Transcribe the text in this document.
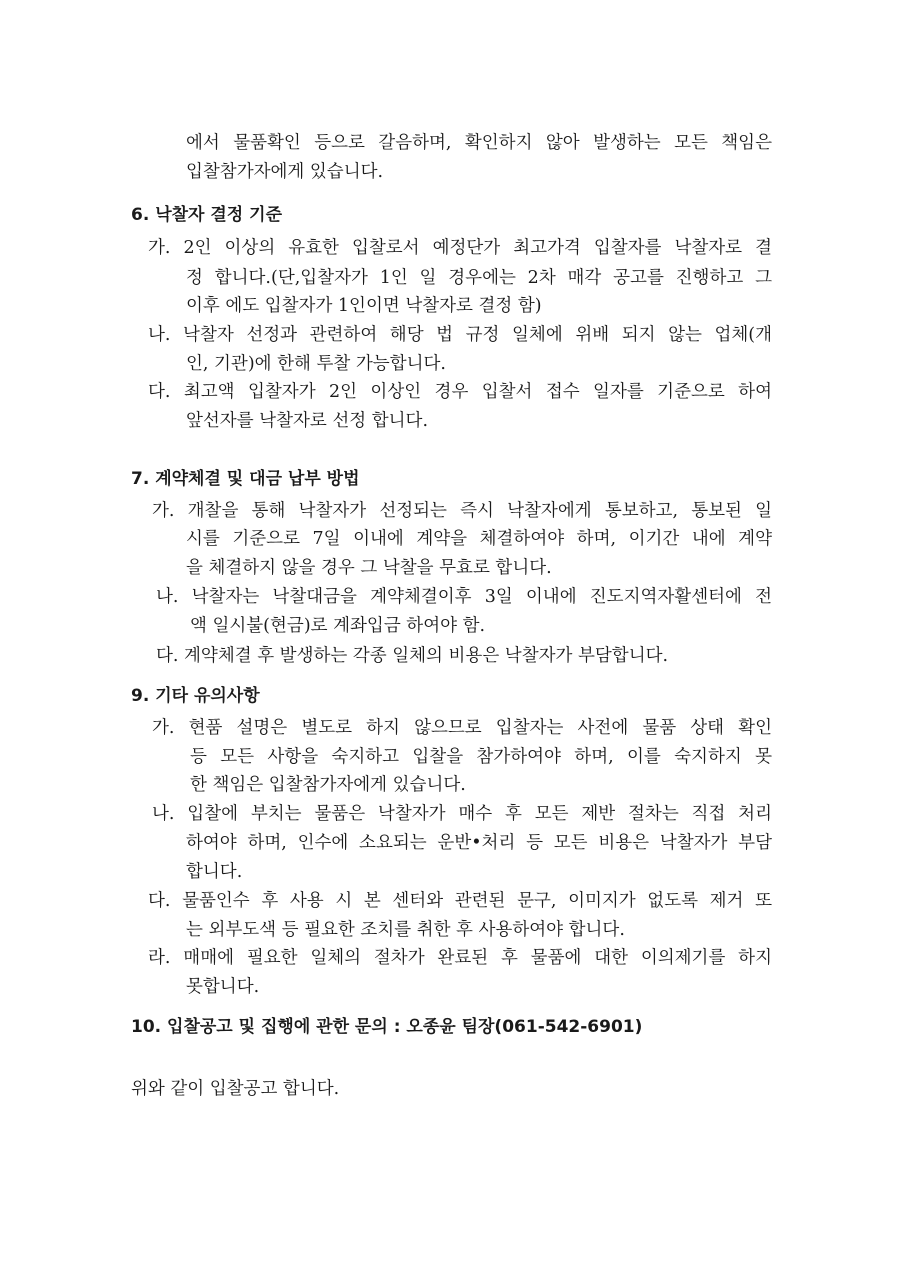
에서 물품확인 등으로 갈음하며, 확인하지 않아 발생하는 모든 책임은
입찰참가자에게 있습니다.
6. 낙찰자 결정 기준
가. 2인 이상의 유효한 입찰로서 예정단가 최고가격 입찰자를 낙찰자로 결
정 합니다.(단,입찰자가 1인 일 경우에는 2차 매각 공고를 진행하고 그
이후 에도 입찰자가 1인이면 낙찰자로 결정 함)
나. 낙찰자 선정과 관련하여 해당 법 규정 일체에 위배 되지 않는 업체(개
인, 기관)에 한해 투찰 가능합니다.
다. 최고액 입찰자가 2인 이상인 경우 입찰서 접수 일자를 기준으로 하여
앞선자를 낙찰자로 선정 합니다.
7. 계약체결 및 대금 납부 방법
가. 개찰을 통해 낙찰자가 선정되는 즉시 낙찰자에게 통보하고, 통보된 일
시를 기준으로 7일 이내에 계약을 체결하여야 하며, 이기간 내에 계약
을 체결하지 않을 경우 그 낙찰을 무효로 합니다.
나. 낙찰자는 낙찰대금을 계약체결이후 3일 이내에 진도지역자활센터에 전
액 일시불(현금)로 계좌입금 하여야 함.
다. 계약체결 후 발생하는 각종 일체의 비용은 낙찰자가 부담합니다.
9. 기타 유의사항
가. 현품 설명은 별도로 하지 않으므로 입찰자는 사전에 물품 상태 확인
등 모든 사항을 숙지하고 입찰을 참가하여야 하며, 이를 숙지하지 못
한 책임은 입찰참가자에게 있습니다.
나. 입찰에 부치는 물품은 낙찰자가 매수 후 모든 제반 절차는 직접 처리
하여야 하며, 인수에 소요되는 운반•처리 등 모든 비용은 낙찰자가 부담
합니다.
다. 물품인수 후 사용 시 본 센터와 관련된 문구, 이미지가 없도록 제거 또
는 외부도색 등 필요한 조치를 취한 후 사용하여야 합니다.
라. 매매에 필요한 일체의 절차가 완료된 후 물품에 대한 이의제기를 하지
못합니다.
10. 입찰공고 및 집행에 관한 문의 : 오종윤 팀장(061-542-6901)
위와 같이 입찰공고 합니다.
